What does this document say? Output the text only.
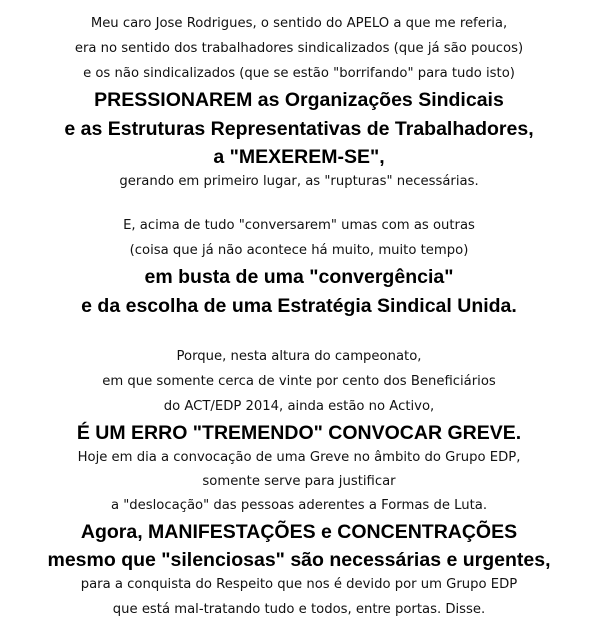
Meu caro Jose Rodrigues, o sentido do APELO a que me referia,
era no sentido dos trabalhadores sindicalizados (que já são poucos)
e os não sindicalizados (que se estão "borrifando" para tudo isto)
PRESSIONAREM as Organizações Sindicais
e as Estruturas Representativas de Trabalhadores,
a "MEXEREM-SE",
gerando em primeiro lugar, as "rupturas" necessárias.
E, acima de tudo "conversarem" umas com as outras
(coisa que já não acontece há muito, muito tempo)
em busta de uma "convergência"
e da escolha de uma Estratégia Sindical Unida.
Porque, nesta altura do campeonato,
em que somente cerca de vinte por cento dos Beneficiários
do ACT/EDP 2014, ainda estão no Activo,
É UM ERRO "TREMENDO" CONVOCAR GREVE.
Hoje em dia a convocação de uma Greve no âmbito do Grupo EDP,
somente serve para justificar
a "deslocação" das pessoas aderentes a Formas de Luta.
Agora, MANIFESTAÇÕES e CONCENTRAÇÕES
mesmo que "silenciosas" são necessárias e urgentes,
para a conquista do Respeito que nos é devido por um Grupo EDP
que está mal-tratando tudo e todos, entre portas. Disse.
